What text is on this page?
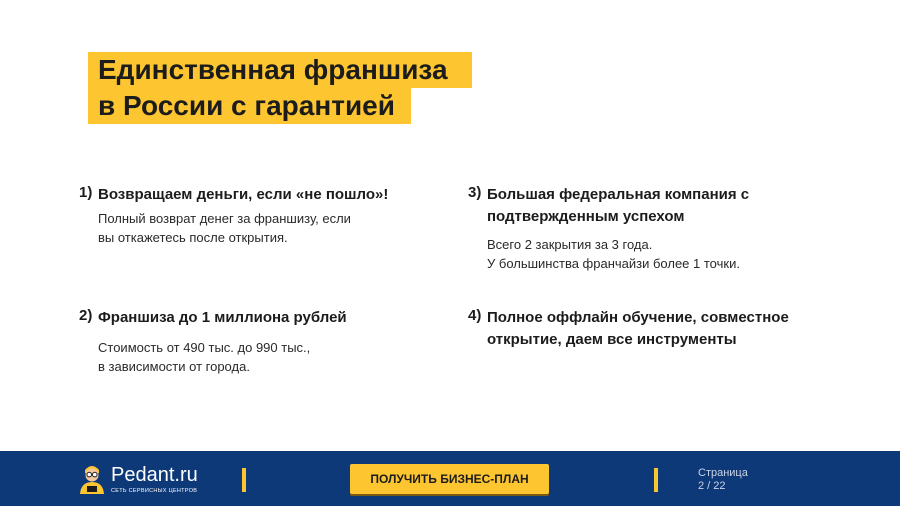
Единственная франшиза
в России с гарантией
1) Возвращаем деньги, если «не пошло»!
Полный возврат денег за франшизу, если
вы откажетесь после открытия.
2) Франшиза до 1 миллиона рублей
Стоимость от 490 тыс. до 990 тыс.,
в зависимости от города.
3) Большая федеральная компания с
подтвержденным успехом
Всего 2 закрытия за 3 года.
У большинства франчайзи более 1 точки.
4) Полное оффлайн обучение, совместное
открытие, даем все инструменты
Pedant.ru
СЕТЬ СЕРВИСНЫХ ЦЕНТРОВ
ПОЛУЧИТЬ БИЗНЕС-ПЛАН	Страница
2 / 22
